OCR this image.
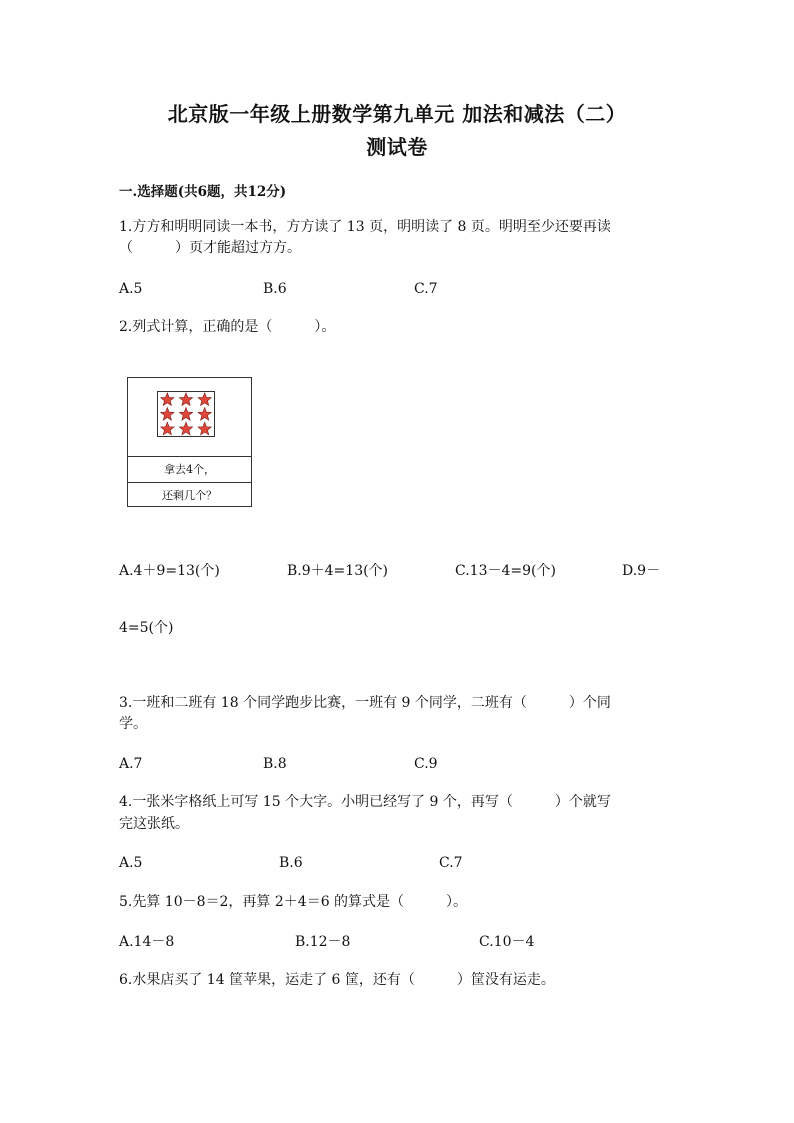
北京版一年级上册数学第九单元 加法和减法（二）
测试卷
一.选择题(共6题，共12分)
1.方方和明明同读一本书，方方读了 13 页，明明读了 8 页。明明至少还要再读
（　　　）页才能超过方方。
A.5	B.6	C.7
2.列式计算，正确的是（　　　）。
拿去4个，
还剩几个？
A.4＋9=13(个)	B.9＋4=13(个)	C.13－4=9(个)	D.9－
4=5(个)
3.一班和二班有 18 个同学跑步比赛，一班有 9 个同学，二班有（　　　）个同
学。
A.7	B.8	C.9
4.一张米字格纸上可写 15 个大字。小明已经写了 9 个，再写（　　　）个就写
完这张纸。
A.5	B.6	C.7
5.先算 10－8＝2，再算 2＋4＝6 的算式是（　　　）。
A.14－8	B.12－8	C.10－4
6.水果店买了 14 筐苹果，运走了 6 筐，还有（　　　）筐没有运走。
